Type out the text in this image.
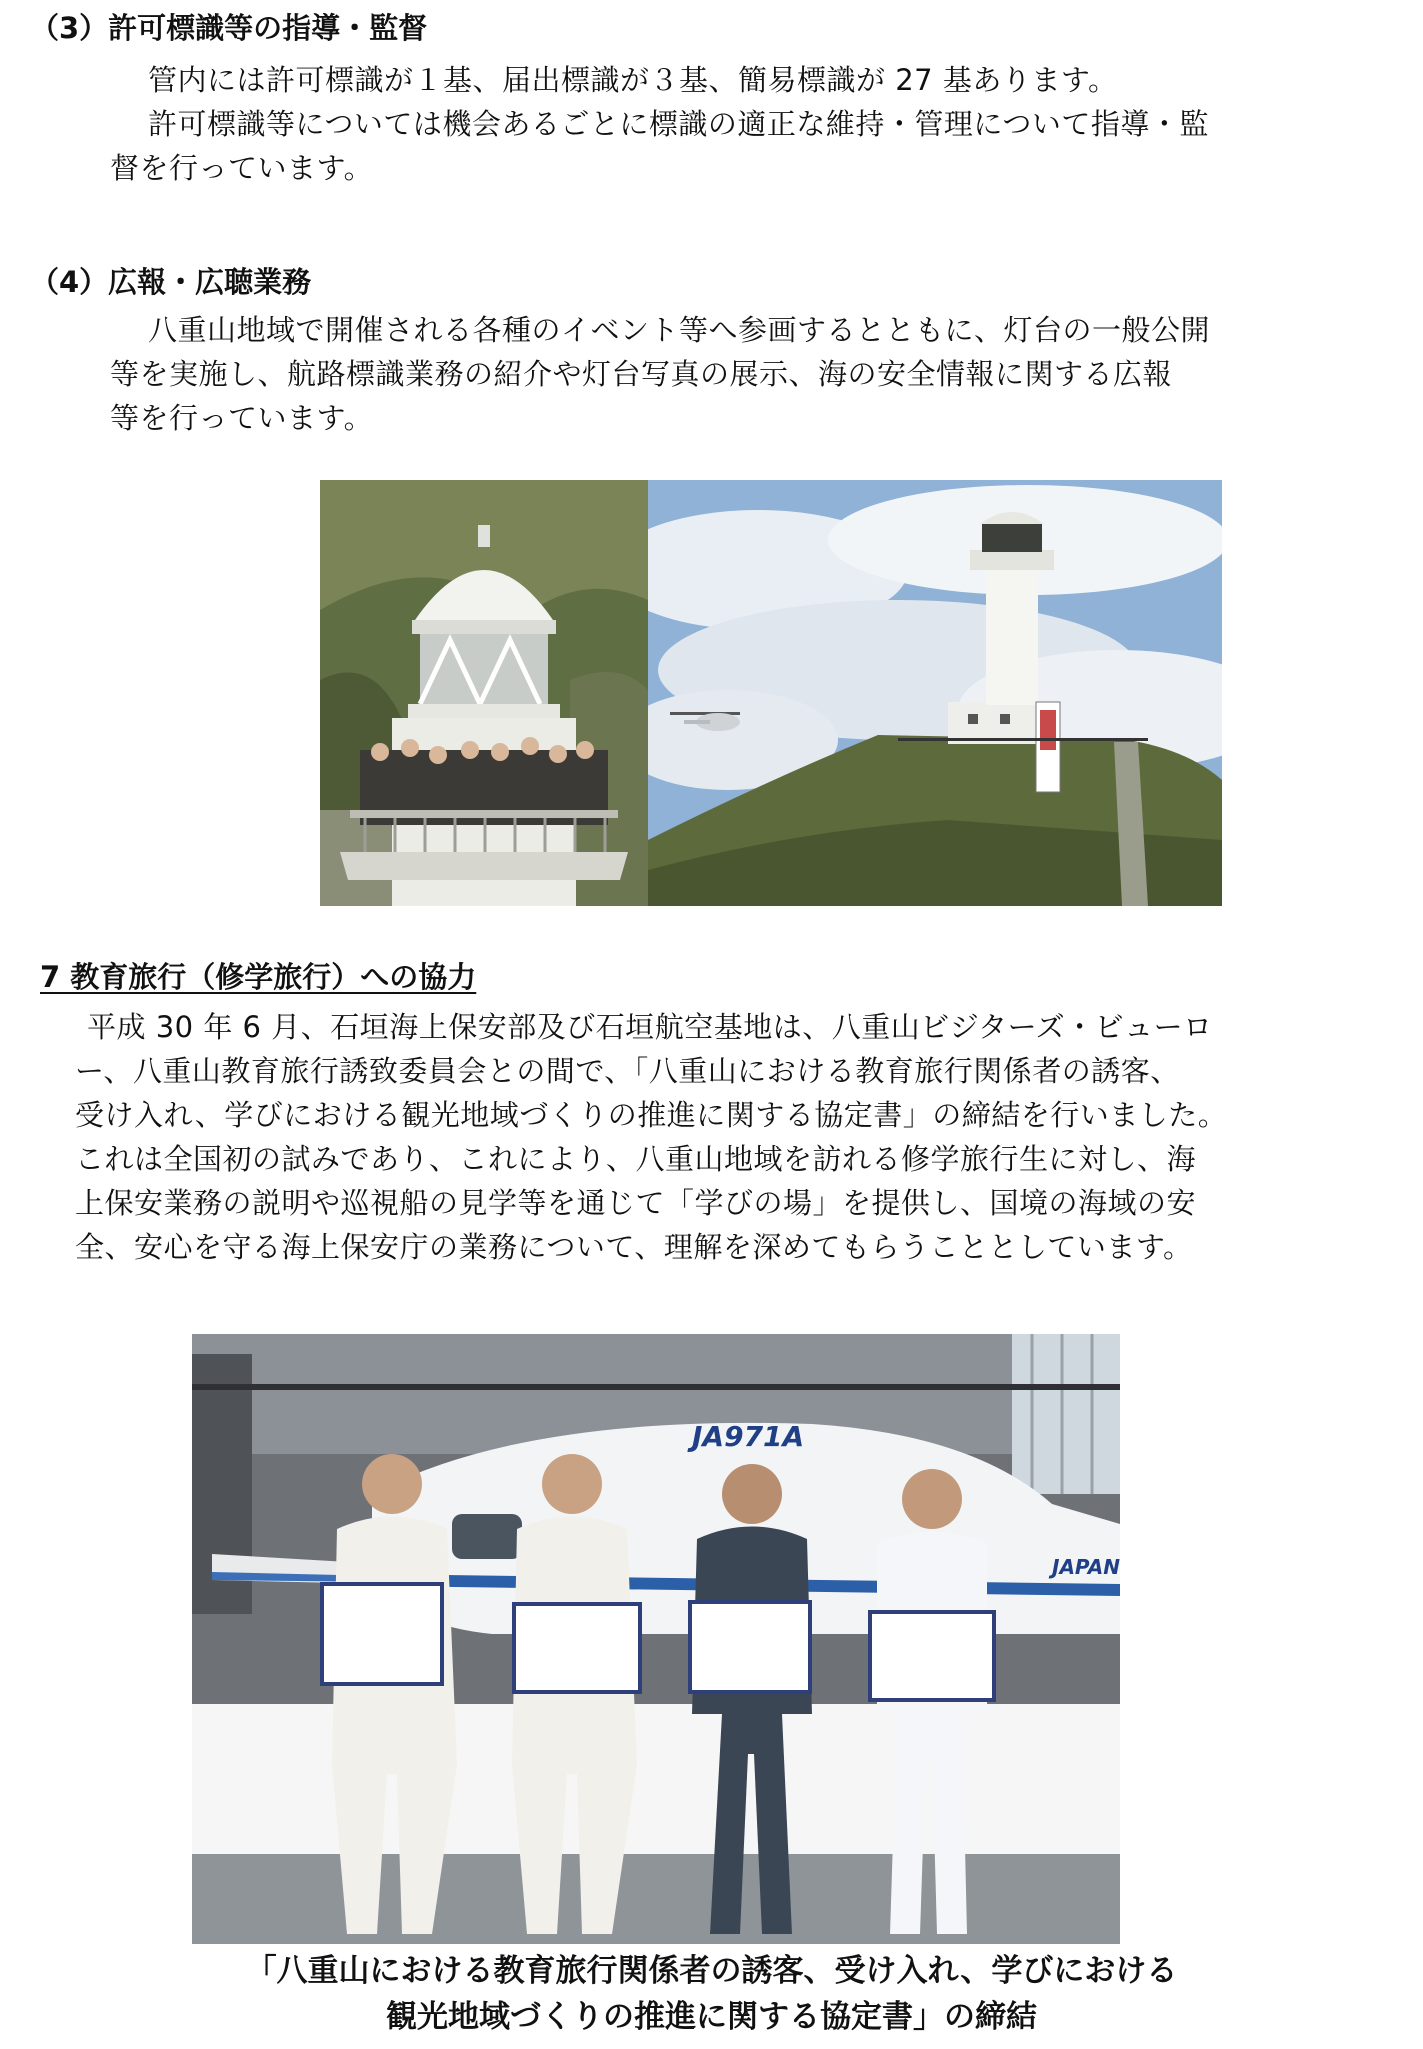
（3）許可標識等の指導・監督

管内には許可標識が１基、届出標識が３基、簡易標識が 27 基あります。

許可標識等については機会あるごとに標識の適正な維持・管理について指導・監

督を行っています。

（4）広報・広聴業務

八重山地域で開催される各種のイベント等へ参画するとともに、灯台の一般公開

等を実施し、航路標識業務の紹介や灯台写真の展示、海の安全情報に関する広報

等を行っています。

7 教育旅行（修学旅行）への協力

平成 30 年 6 月、石垣海上保安部及び石垣航空基地は、八重山ビジターズ・ビューロ

ー、八重山教育旅行誘致委員会との間で、「八重山における教育旅行関係者の誘客、

受け入れ、学びにおける観光地域づくりの推進に関する協定書」の締結を行いました。

これは全国初の試みであり、これにより、八重山地域を訪れる修学旅行生に対し、海

上保安業務の説明や巡視船の見学等を通じて「学びの場」を提供し、国境の海域の安

全、安心を守る海上保安庁の業務について、理解を深めてもらうこととしています。

JA971A
JAPAN

「八重山における教育旅行関係者の誘客、受け入れ、学びにおける

観光地域づくりの推進に関する協定書」の締結
